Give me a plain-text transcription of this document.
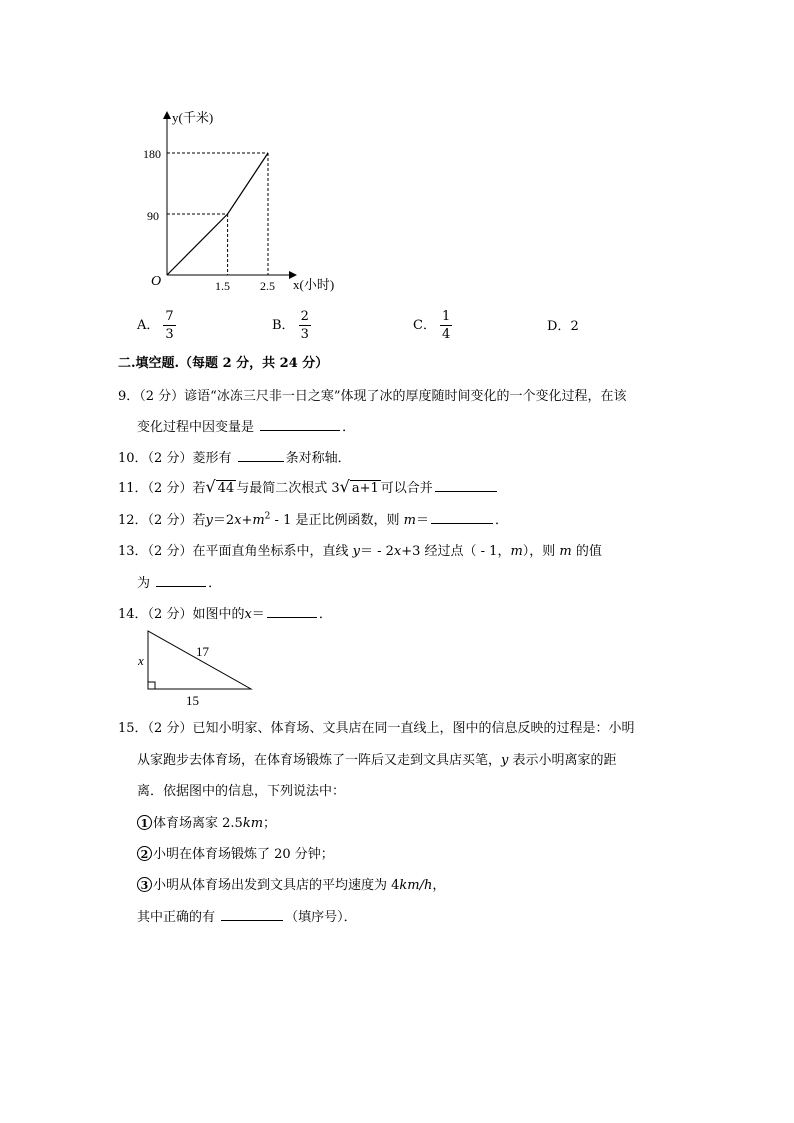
y(千米)
x(小时)
O
180
90
1.5	2.5
A． $\frac{7}{3}$	B． $\frac{2}{3}$	C． $\frac{1}{4}$	D．2
二.填空题.（每题 2 分，共 24 分）
9．（2 分）谚语“冰冻三尺非一日之寒”体现了冰的厚度随时间变化的一个变化过程，在该
变化过程中因变量是	．
10．（2 分）菱形有	条对称轴．
11．（2 分）若√ 44 与最简二次根式 3√ a+1 可以合并
12．（2 分）若$y=2x+m^2 - 1$ 是正比例函数，则 m＝	．
13．（2 分）在平面直角坐标系中，直线 y＝ - 2x+3 经过点（ - 1，m），则 m 的值
为	．
14．（2 分）如图中的x＝	．
x
17
15
15．（2 分）已知小明家、体育场、文具店在同一直线上，图中的信息反映的过程是：小明
从家跑步去体育场，在体育场锻炼了一阵后又走到文具店买笔，y 表示小明离家的距
离．依据图中的信息，下列说法中：
1 体育场离家 2.5km；
2 小明在体育场锻炼了 20 分钟；
3 小明从体育场出发到文具店的平均速度为 4km/h，
其中正确的有	（填序号）．
